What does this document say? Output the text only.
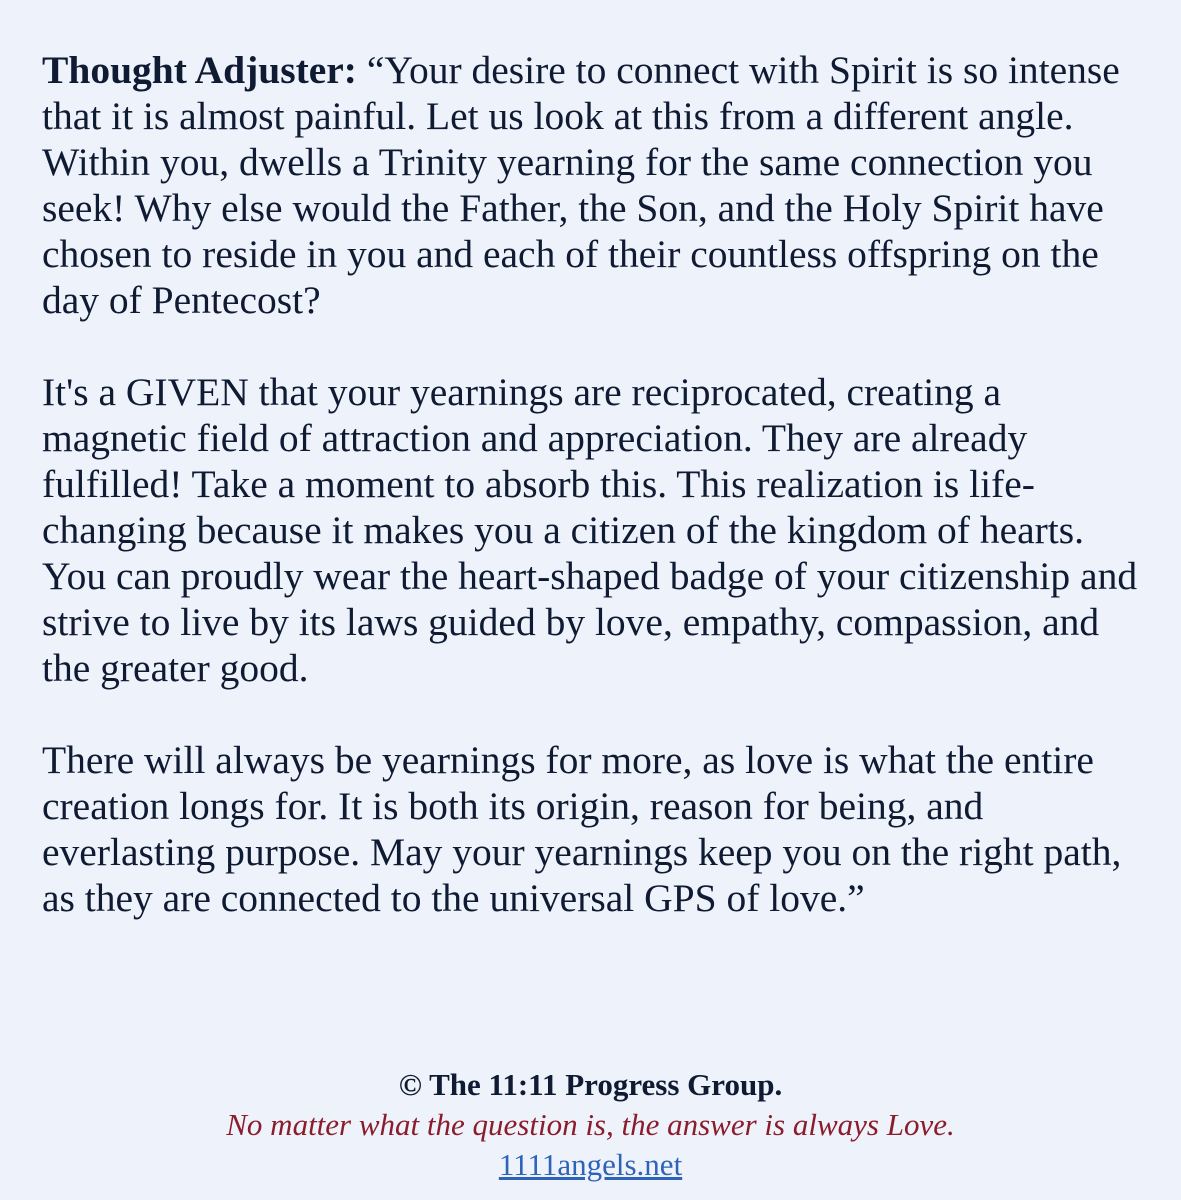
Thought Adjuster: “Your desire to connect with Spirit is so intense that it is almost painful. Let us look at this from a different angle. Within you, dwells a Trinity yearning for the same connection you seek! Why else would the Father, the Son, and the Holy Spirit have chosen to reside in you and each of their countless offspring on the day of Pentecost?

It's a GIVEN that your yearnings are reciprocated, creating a magnetic field of attraction and appreciation. They are already fulfilled! Take a moment to absorb this. This realization is life-changing because it makes you a citizen of the kingdom of hearts. You can proudly wear the heart-shaped badge of your citizenship and strive to live by its laws guided by love, empathy, compassion, and the greater good.

There will always be yearnings for more, as love is what the entire creation longs for. It is both its origin, reason for being, and everlasting purpose. May your yearnings keep you on the right path, as they are connected to the universal GPS of love.”

© The 11:11 Progress Group.
No matter what the question is, the answer is always Love.
1111angels.net
